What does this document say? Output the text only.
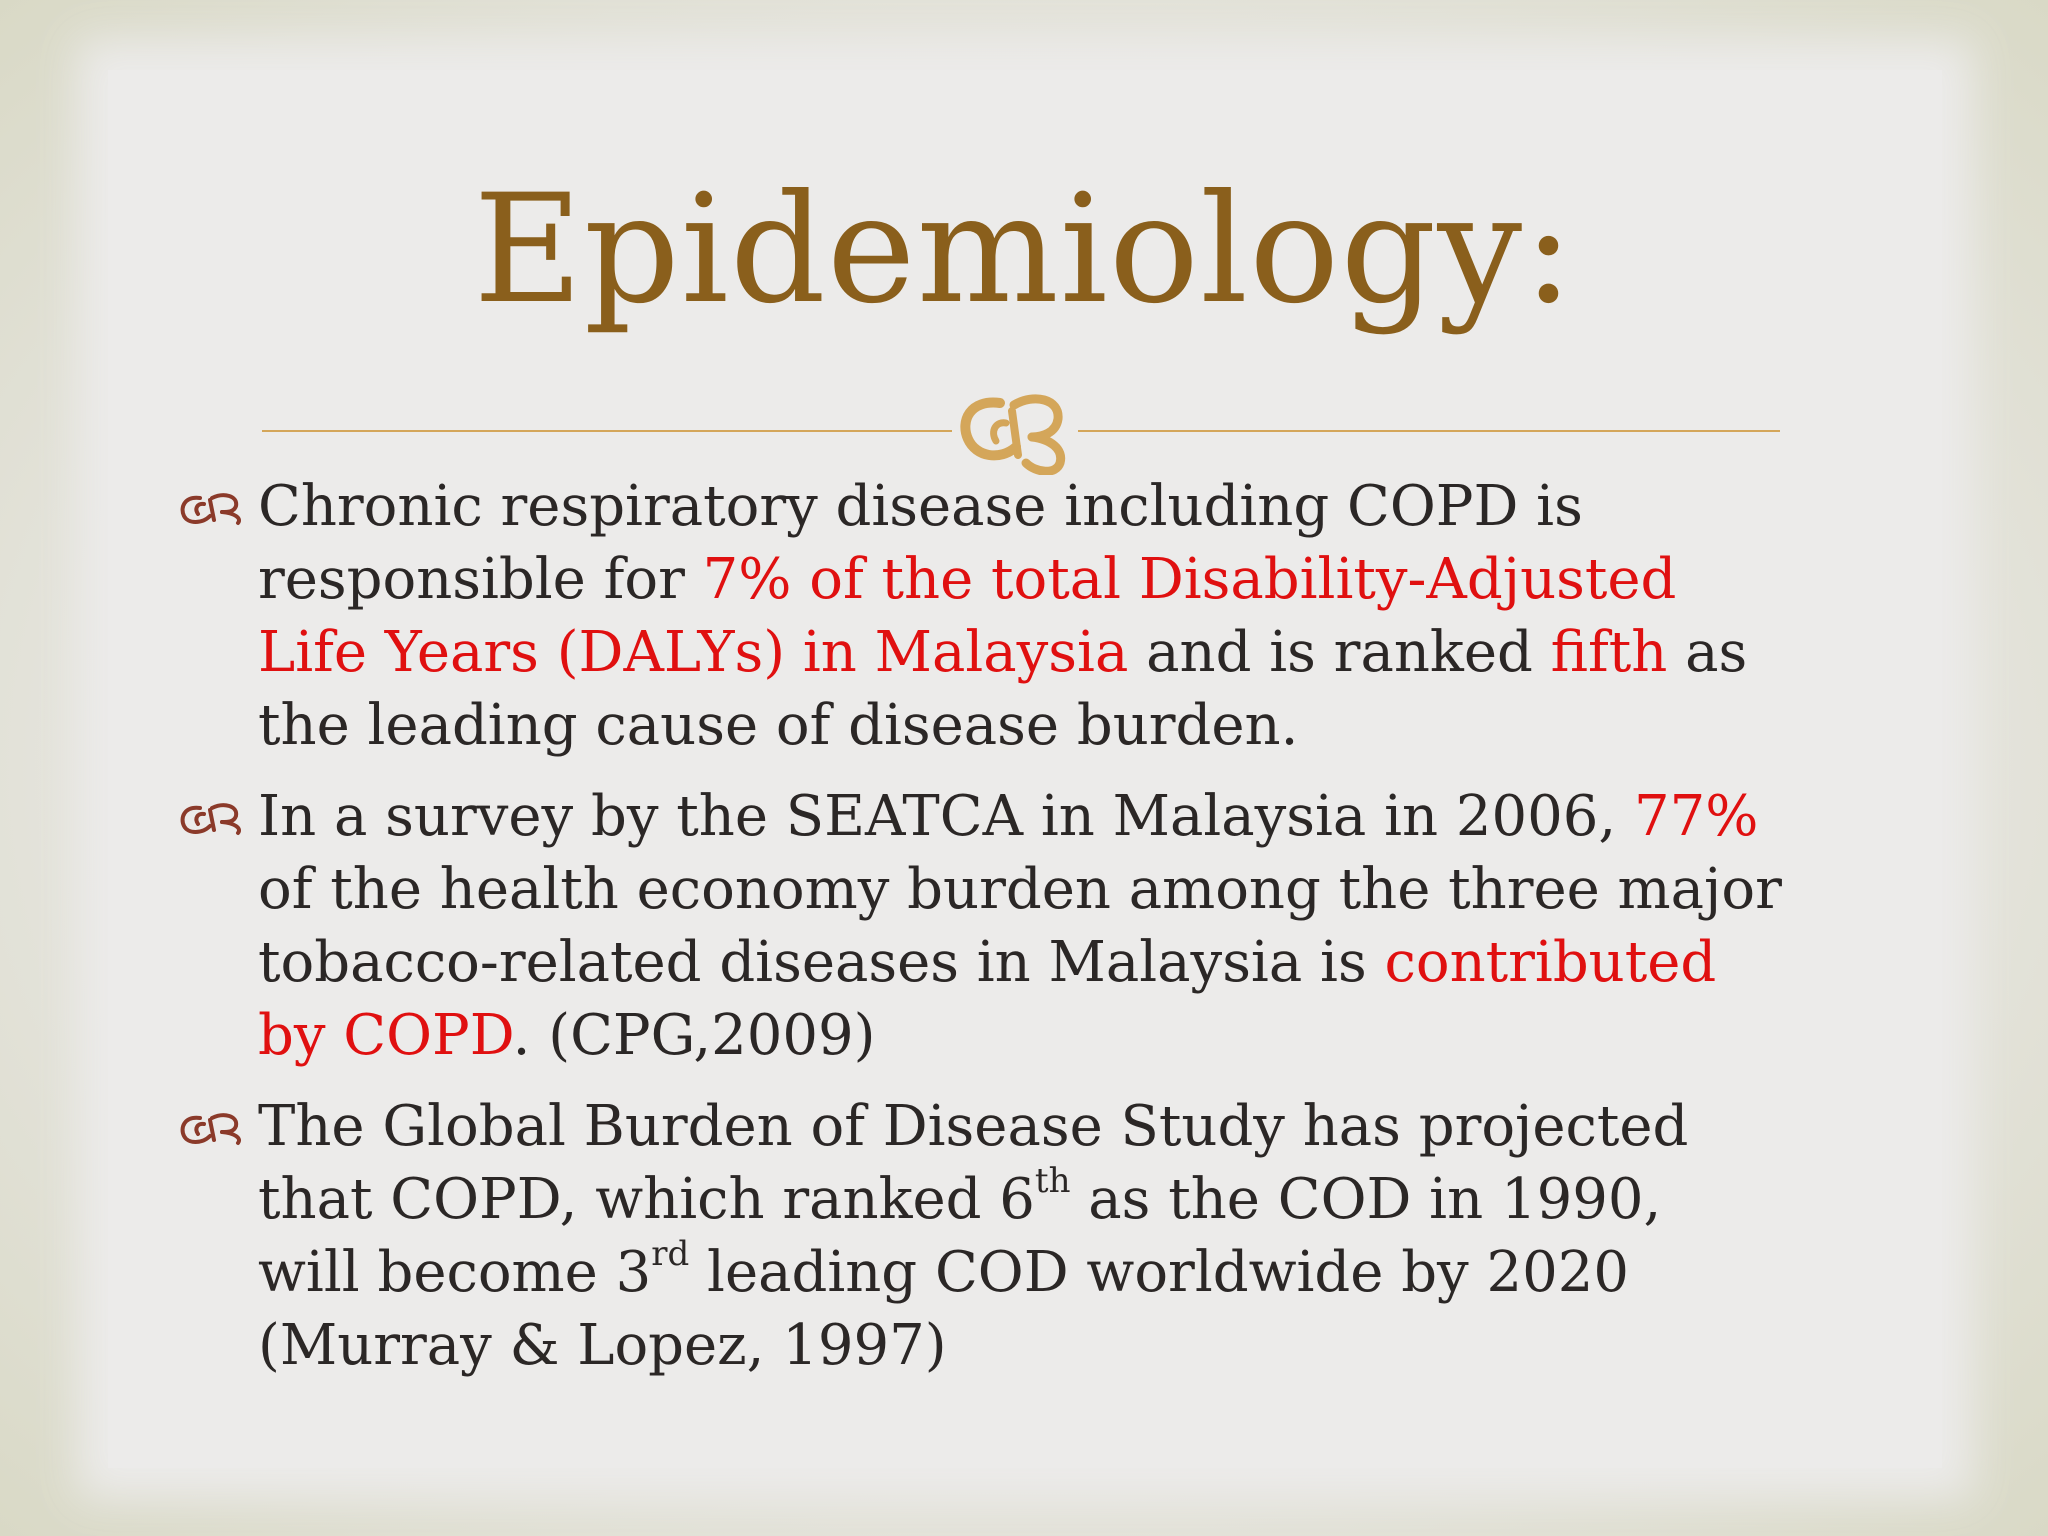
Epidemiology:

Chronic respiratory disease including COPD is

responsible for 7% of the total Disability-Adjusted

Life Years (DALYs) in Malaysia and is ranked fifth as

the leading cause of disease burden.

In a survey by the SEATCA in Malaysia in 2006, 77%

of the health economy burden among the three major

tobacco-related diseases in Malaysia is contributed

by COPD. (CPG,2009)

The Global Burden of Disease Study has projected

that COPD, which ranked 6th as the COD in 1990,

will become 3rd leading COD worldwide by 2020

(Murray & Lopez, 1997)
